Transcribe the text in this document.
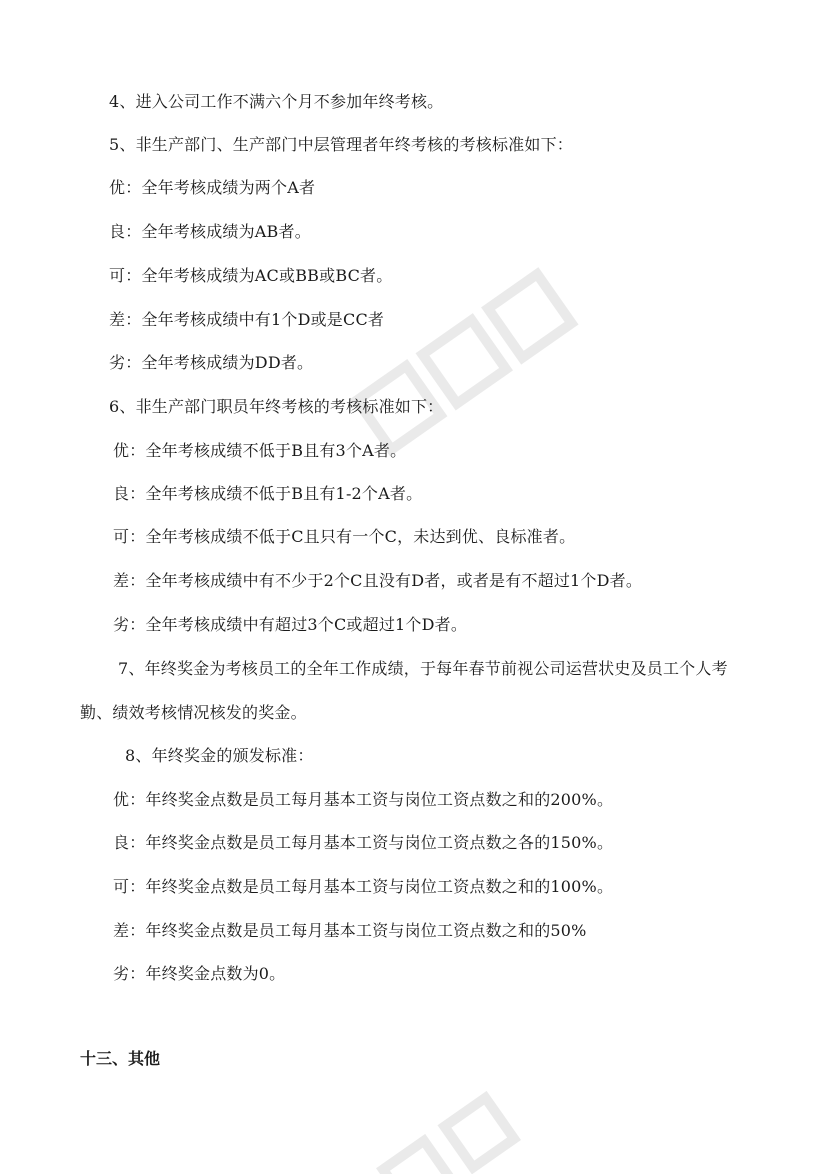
4、进入公司工作不满六个月不参加年终考核。
5、非生产部门、生产部门中层管理者年终考核的考核标准如下：
优：全年考核成绩为两个A者
良：全年考核成绩为AB者。
可：全年考核成绩为AC或BB或BC者。
差：全年考核成绩中有1个D或是CC者
劣：全年考核成绩为DD者。
6、非生产部门职员年终考核的考核标准如下：
优：全年考核成绩不低于B且有3个A者。
良：全年考核成绩不低于B且有1-2个A者。
可：全年考核成绩不低于C且只有一个C，未达到优、良标准者。
差：全年考核成绩中有不少于2个C且没有D者，或者是有不超过1个D者。
劣：全年考核成绩中有超过3个C或超过1个D者。
7、年终奖金为考核员工的全年工作成绩，于每年春节前视公司运营状史及员工个人考
勤、绩效考核情况核发的奖金。
8、年终奖金的颁发标准：
优：年终奖金点数是员工每月基本工资与岗位工资点数之和的200%。
良：年终奖金点数是员工每月基本工资与岗位工资点数之各的150%。
可：年终奖金点数是员工每月基本工资与岗位工资点数之和的100%。
差：年终奖金点数是员工每月基本工资与岗位工资点数之和的50%
劣：年终奖金点数为0。
十三、其他
